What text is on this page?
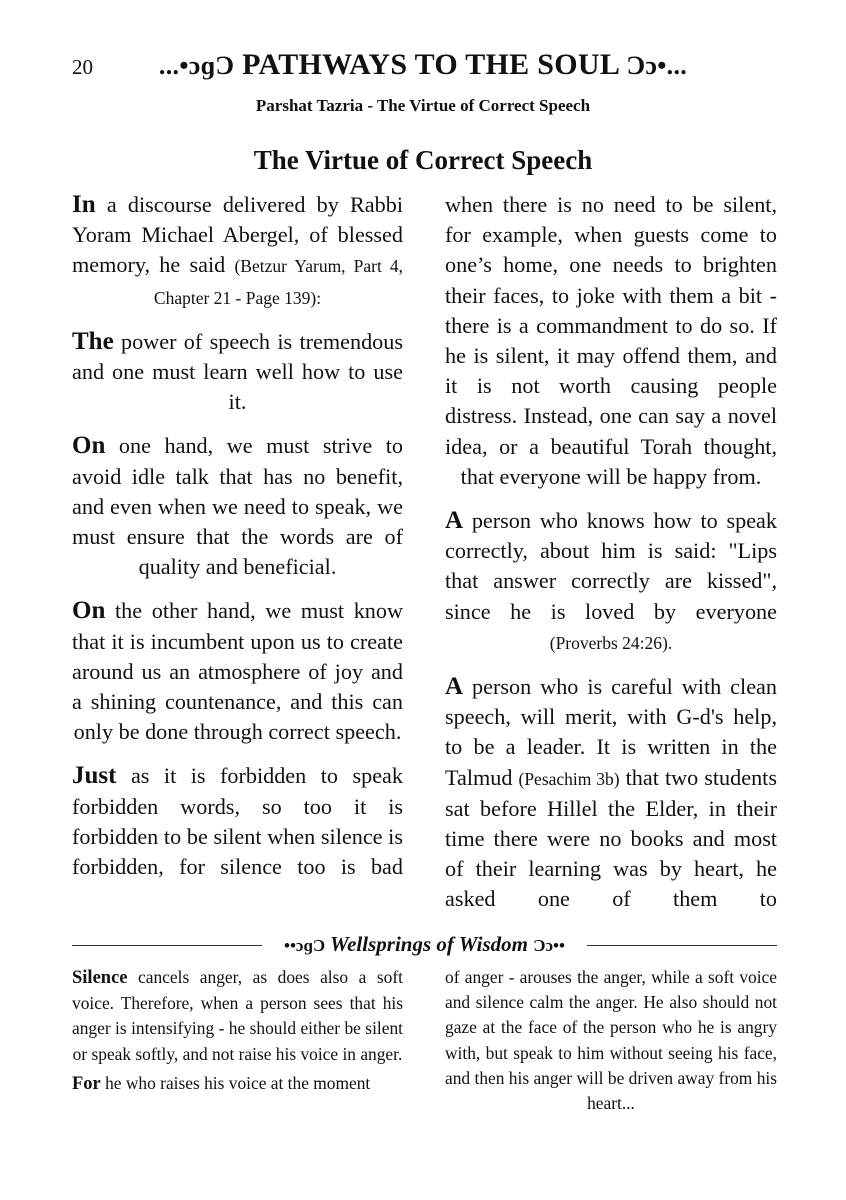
20	...•ɔɡƆ PATHWAYS TO THE SOUL Ɔɔ•...
Parshat Tazria - The Virtue of Correct Speech
The Virtue of Correct Speech

In a discourse delivered by Rabbi Yoram Michael Abergel, of blessed memory, he said (Betzur Yarum, Part 4, Chapter 21 - Page 139):

The power of speech is tremendous and one must learn well how to use it.

On one hand, we must strive to avoid idle talk that has no benefit, and even when we need to speak, we must ensure that the words are of quality and beneficial.

On the other hand, we must know that it is incumbent upon us to create around us an atmosphere of joy and a shining countenance, and this can only be done through correct speech.

Just as it is forbidden to speak forbidden words, so too it is forbidden to be silent when silence is forbidden, for silence too is bad

when there is no need to be silent, for example, when guests come to one’s home, one needs to brighten their faces, to joke with them a bit - there is a commandment to do so. If he is silent, it may offend them, and it is not worth causing people distress. Instead, one can say a novel idea, or a beautiful Torah thought, that everyone will be happy from.

A person who knows how to speak correctly, about him is said: "Lips that answer correctly are kissed", since he is loved by everyone (Proverbs 24:26).

A person who is careful with clean speech, will merit, with G-d's help, to be a leader. It is written in the Talmud (Pesachim 3b) that two students sat before Hillel the Elder, in their time there were no books and most of their learning was by heart, he asked one of them to

••ɔɡƆ Wellsprings of Wisdom Ɔɔ••

Silence cancels anger, as does also a soft voice. Therefore, when a person sees that his anger is intensifying - he should either be silent or speak softly, and not raise his voice in anger.

For he who raises his voice at the moment

of anger - arouses the anger, while a soft voice and silence calm the anger. He also should not gaze at the face of the person who he is angry with, but speak to him without seeing his face, and then his anger will be driven away from his heart...
